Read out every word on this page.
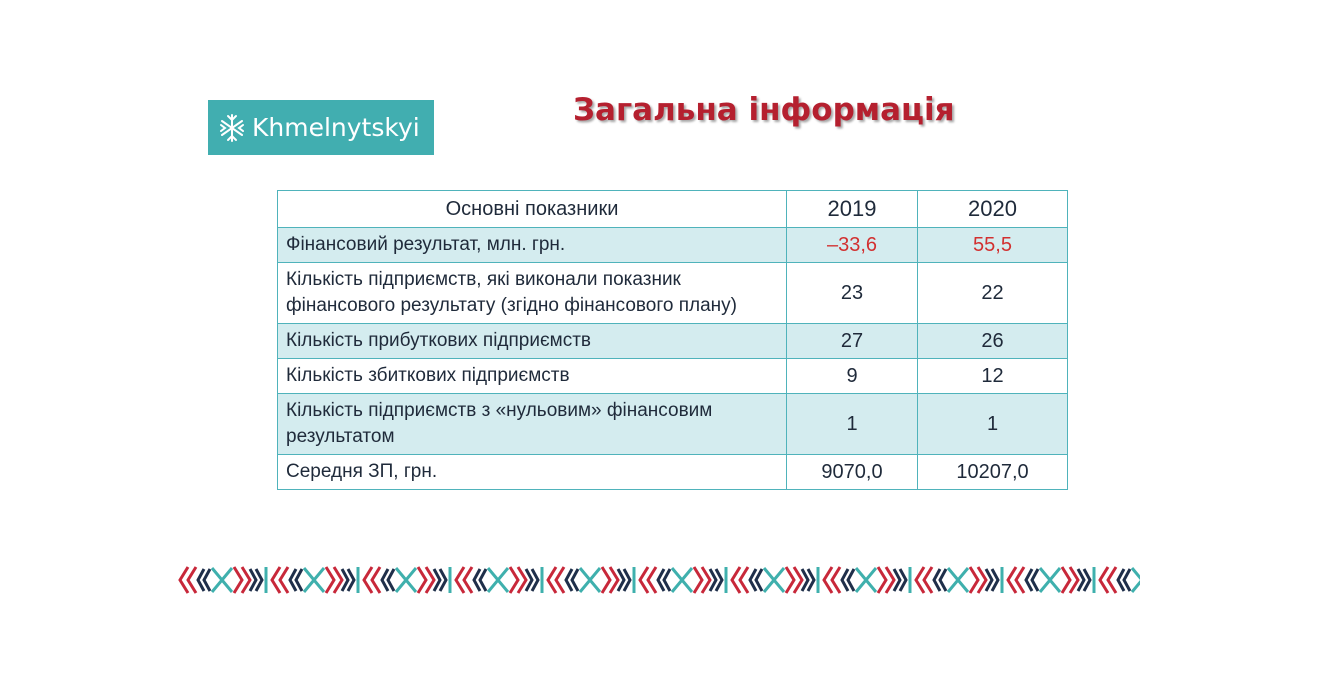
Khmelnytskyi	Загальна інформація
Основні показники	2019	2020
Фінансовий результат, млн. грн.	–33,6	55,5
Кількість підприємств, які виконали показник фінансового результату (згідно фінансового плану)	23	22
Кількість прибуткових підприємств	27	26
Кількість збиткових підприємств	9	12
Кількість підприємств з «нульовим» фінансовим результатом	1	1
Середня ЗП, грн.	9070,0	10207,0
